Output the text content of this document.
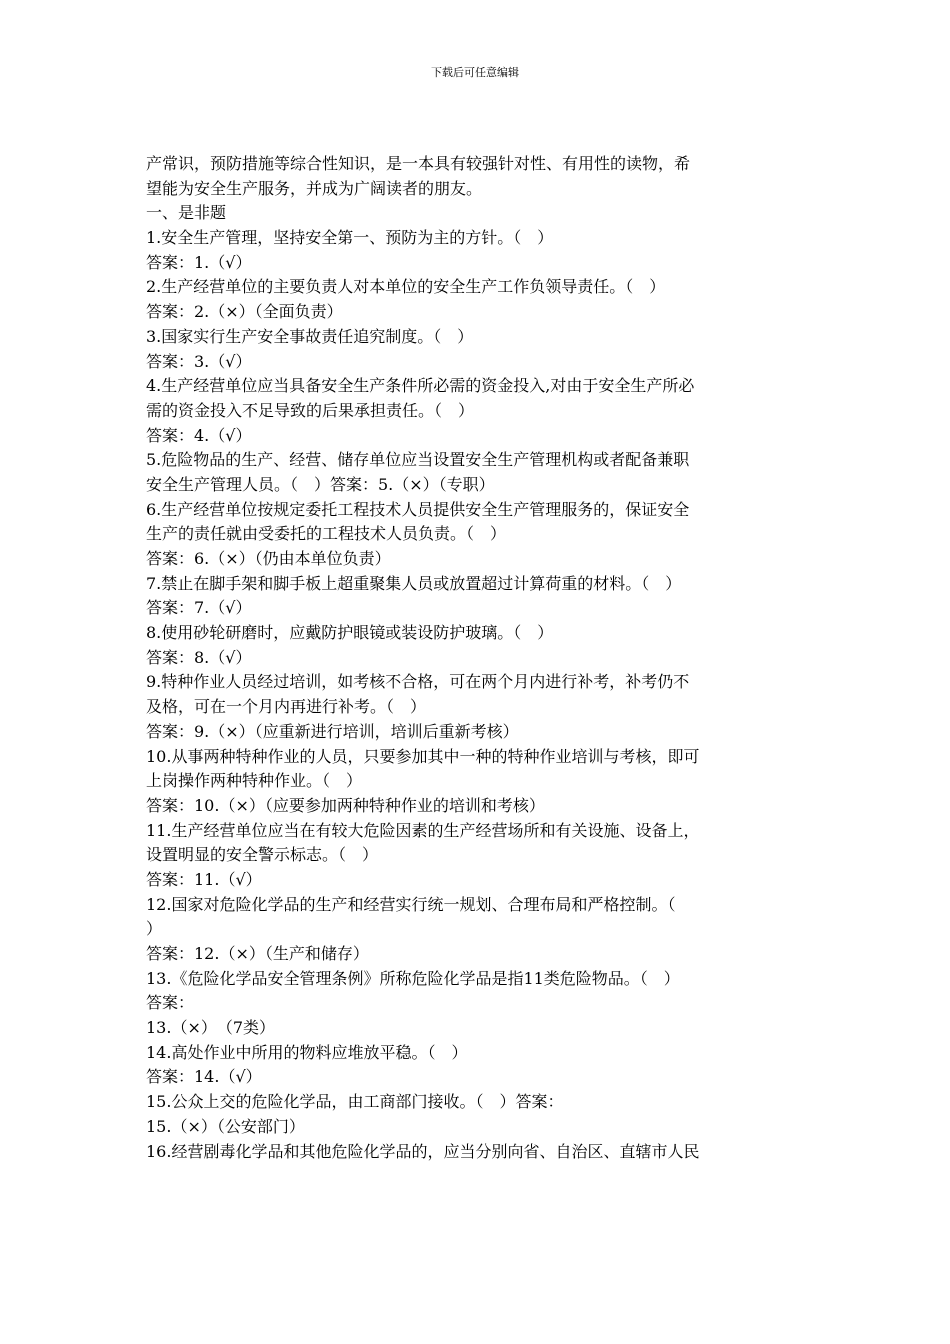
下载后可任意编辑
产常识，预防措施等综合性知识，是一本具有较强针对性、有用性的读物，希
望能为安全生产服务，并成为广阔读者的朋友。
一、是非题
1.安全生产管理，坚持安全第一、预防为主的方针。（　）
答案：1.（√）
2.生产经营单位的主要负责人对本单位的安全生产工作负领导责任。（　）
答案：2.（×）（全面负责）
3.国家实行生产安全事故责任追究制度。（　）
答案：3.（√）
4.生产经营单位应当具备安全生产条件所必需的资金投入,对由于安全生产所必
需的资金投入不足导致的后果承担责任。（　）
答案：4.（√）
5.危险物品的生产、经营、储存单位应当设置安全生产管理机构或者配备兼职
安全生产管理人员。（　）答案：5.（×）（专职）
6.生产经营单位按规定委托工程技术人员提供安全生产管理服务的，保证安全
生产的责任就由受委托的工程技术人员负责。（　）
答案：6.（×）（仍由本单位负责）
7.禁止在脚手架和脚手板上超重聚集人员或放置超过计算荷重的材料。（　）
答案：7.（√）
8.使用砂轮研磨时，应戴防护眼镜或装设防护玻璃。（　）
答案：8.（√）
9.特种作业人员经过培训，如考核不合格，可在两个月内进行补考，补考仍不
及格，可在一个月内再进行补考。（　）
答案：9.（×）（应重新进行培训，培训后重新考核）
10.从事两种特种作业的人员，只要参加其中一种的特种作业培训与考核，即可
上岗操作两种特种作业。（　）
答案：10.（×）（应要参加两种特种作业的培训和考核）
11.生产经营单位应当在有较大危险因素的生产经营场所和有关设施、设备上，
设置明显的安全警示标志。（　）
答案：11.（√）
12.国家对危险化学品的生产和经营实行统一规划、合理布局和严格控制。（
）
答案：12.（×）（生产和储存）
13.《危险化学品安全管理条例》所称危险化学品是指11类危险物品。（　）
答案：
13.（×）　（7类）
14.高处作业中所用的物料应堆放平稳。（　）
答案：14.（√）
15.公众上交的危险化学品，由工商部门接收。（　）答案：
15.（×）（公安部门）
16.经营剧毒化学品和其他危险化学品的，应当分别向省、自治区、直辖市人民
